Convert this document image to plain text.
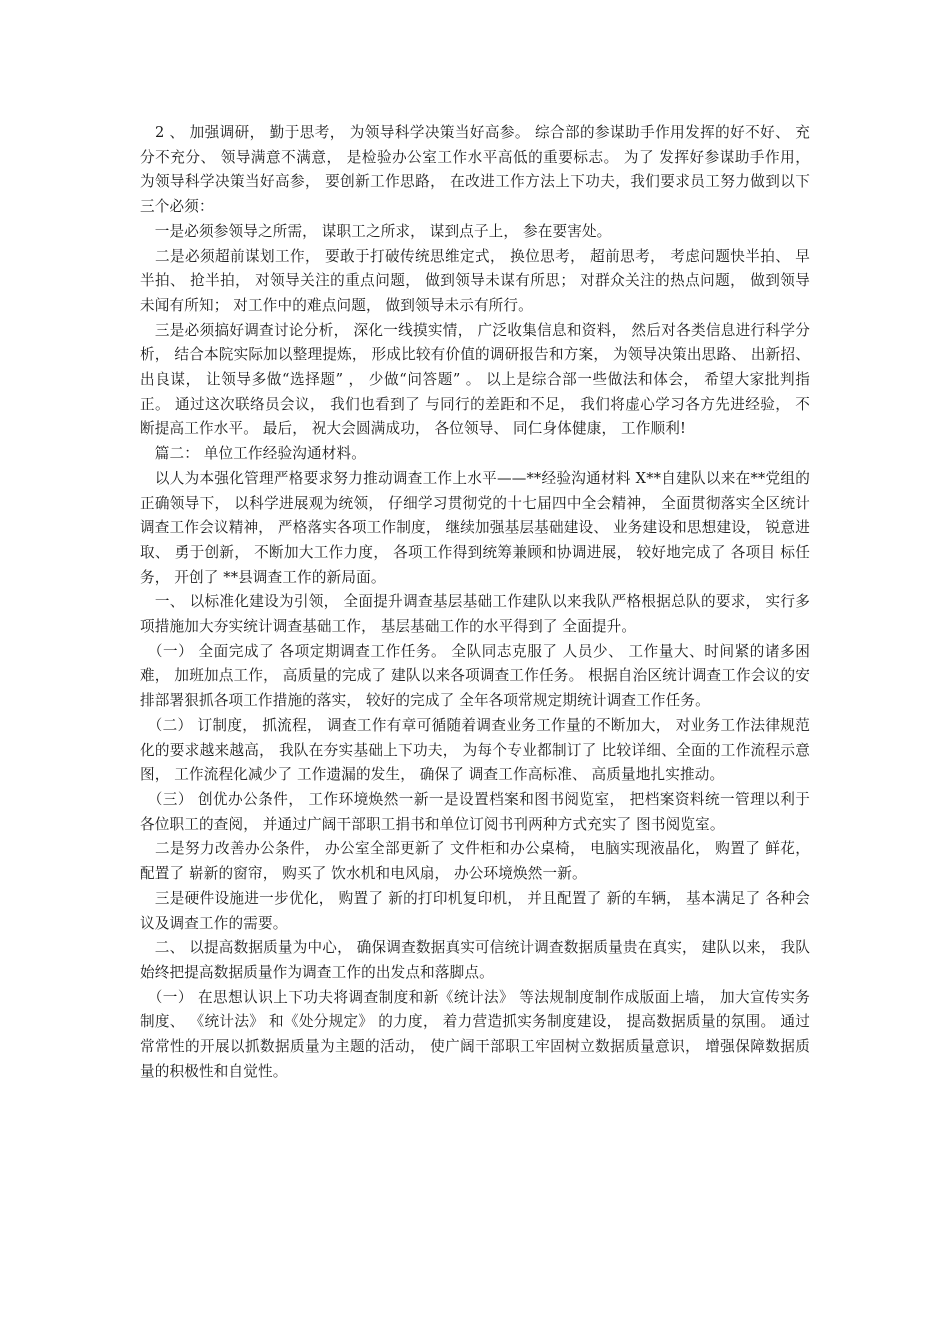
　2 、 加强调研， 勤于思考， 为领导科学决策当好高参。 综合部的参谋助手作用发挥的好不好、 充分不充分、 领导满意不满意， 是检验办公室工作水平高低的重要标志。 为了 发挥好参谋助手作用， 为领导科学决策当好高参， 要创新工作思路， 在改进工作方法上下功夫，我们要求员工努力做到以下三个必须：

　一是必须参领导之所需， 谋职工之所求， 谋到点子上， 参在要害处。

　二是必须超前谋划工作， 要敢于打破传统思维定式， 换位思考， 超前思考， 考虑问题快半拍、 早半拍、 抢半拍， 对领导关注的重点问题， 做到领导未谋有所思； 对群众关注的热点问题， 做到领导未闻有所知； 对工作中的难点问题， 做到领导未示有所行。

　三是必须搞好调查讨论分析， 深化一线摸实情， 广泛收集信息和资料， 然后对各类信息进行科学分析， 结合本院实际加以整理提炼， 形成比较有价值的调研报告和方案， 为领导决策出思路、 出新招、 出良谋， 让领导多做“选择题” ， 少做“问答题” 。 以上是综合部一些做法和体会， 希望大家批判指正。 通过这次联络员会议， 我们也看到了 与同行的差距和不足， 我们将虚心学习各方先进经验， 不断提高工作水平。 最后， 祝大会圆满成功， 各位领导、 同仁身体健康， 工作顺利!

　篇二： 单位工作经验沟通材料。

　以人为本强化管理严格要求努力推动调查工作上水平——**经验沟通材料 X**自建队以来在**党组的正确领导下， 以科学进展观为统领， 仔细学习贯彻党的十七届四中全会精神， 全面贯彻落实全区统计调查工作会议精神， 严格落实各项工作制度， 继续加强基层基础建设、 业务建设和思想建设， 锐意进取、 勇于创新， 不断加大工作力度， 各项工作得到统筹兼顾和协调进展， 较好地完成了 各项目 标任务， 开创了 **县调查工作的新局面。

　一、 以标准化建设为引领， 全面提升调查基层基础工作建队以来我队严格根据总队的要求， 实行多项措施加大夯实统计调查基础工作， 基层基础工作的水平得到了 全面提升。

　（一） 全面完成了 各项定期调查工作任务。 全队同志克服了 人员少、 工作量大、时间紧的诸多困难， 加班加点工作， 高质量的完成了 建队以来各项调查工作任务。 根据自治区统计调查工作会议的安排部署狠抓各项工作措施的落实， 较好的完成了 全年各项常规定期统计调查工作任务。

　（二） 订制度， 抓流程， 调查工作有章可循随着调查业务工作量的不断加大， 对业务工作法律规范化的要求越来越高， 我队在夯实基础上下功夫， 为每个专业都制订了 比较详细、全面的工作流程示意图， 工作流程化减少了 工作遗漏的发生， 确保了 调查工作高标准、 高质量地扎实推动。

　（三） 创优办公条件， 工作环境焕然一新一是设置档案和图书阅览室， 把档案资料统一管理以利于各位职工的查阅， 并通过广阔干部职工捐书和单位订阅书刊两种方式充实了 图书阅览室。

　二是努力改善办公条件， 办公室全部更新了 文件柜和办公桌椅， 电脑实现液晶化， 购置了 鲜花， 配置了 崭新的窗帘， 购买了 饮水机和电风扇， 办公环境焕然一新。

　三是硬件设施进一步优化， 购置了 新的打印机复印机， 并且配置了 新的车辆， 基本满足了 各种会议及调查工作的需要。

　二、 以提高数据质量为中心， 确保调查数据真实可信统计调查数据质量贵在真实， 建队以来， 我队始终把提高数据质量作为调查工作的出发点和落脚点。

　（一） 在思想认识上下功夫将调查制度和新《统计法》 等法规制度制作成版面上墙， 加大宣传实务制度、 《统计法》 和《处分规定》 的力度， 着力营造抓实务制度建设， 提高数据质量的氛围。 通过常常性的开展以抓数据质量为主题的活动， 使广阔干部职工牢固树立数据质量意识， 增强保障数据质量的积极性和自觉性。
